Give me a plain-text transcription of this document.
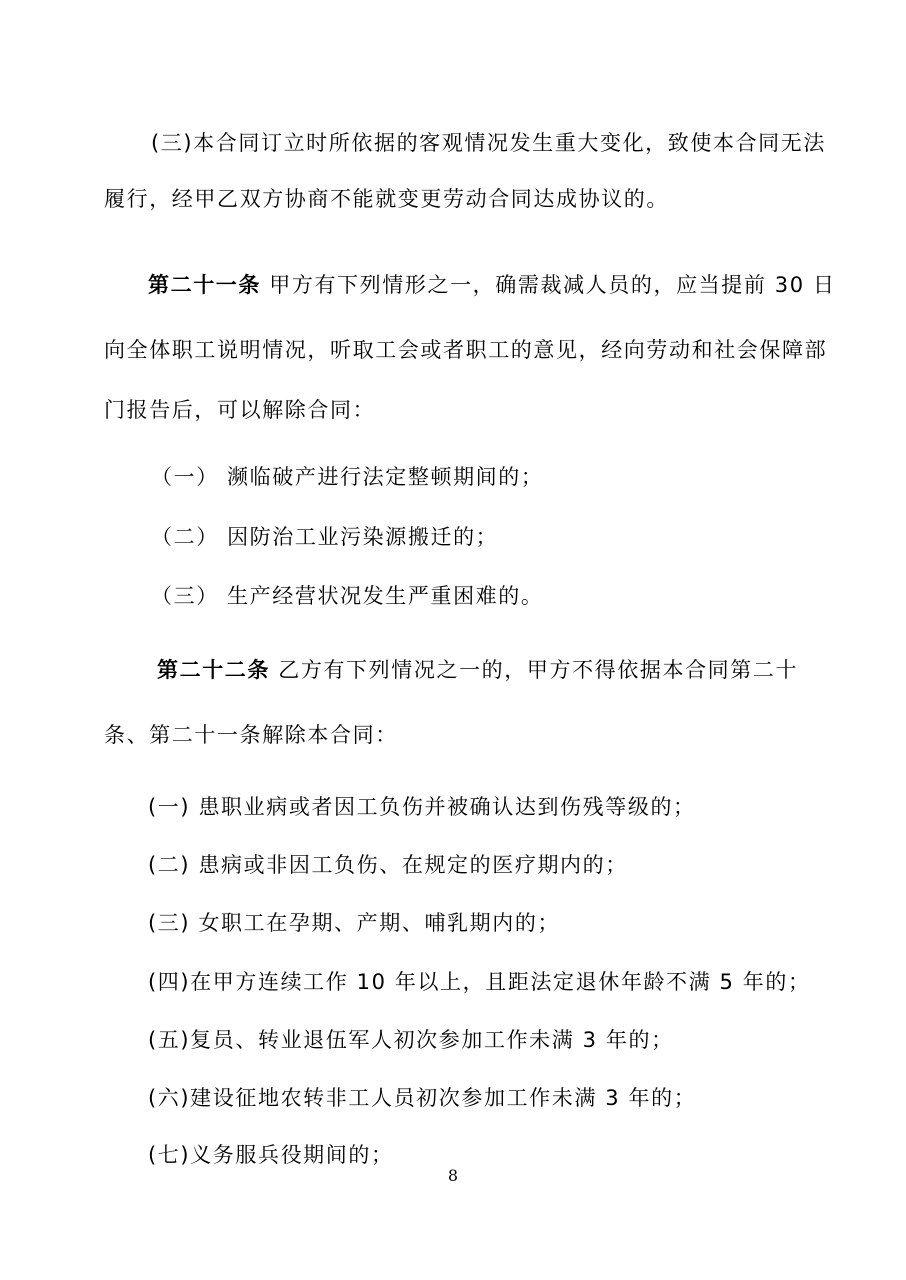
(三)本合同订立时所依据的客观情况发生重大变化，致使本合同无法
履行，经甲乙双方协商不能就变更劳动合同达成协议的。
第二十一条 甲方有下列情形之一，确需裁减人员的，应当提前 30 日
向全体职工说明情况，听取工会或者职工的意见，经向劳动和社会保障部
门报告后，可以解除合同：
（一） 濒临破产进行法定整顿期间的；
（二） 因防治工业污染源搬迁的；
（三） 生产经营状况发生严重困难的。
第二十二条 乙方有下列情况之一的，甲方不得依据本合同第二十
条、第二十一条解除本合同：
(一) 患职业病或者因工负伤并被确认达到伤残等级的；
(二) 患病或非因工负伤、在规定的医疗期内的；
(三) 女职工在孕期、产期、哺乳期内的；
(四)在甲方连续工作 10 年以上，且距法定退休年龄不满 5 年的；
(五)复员、转业退伍军人初次参加工作未满 3 年的；
(六)建设征地农转非工人员初次参加工作未满 3 年的；
(七)义务服兵役期间的；
8
